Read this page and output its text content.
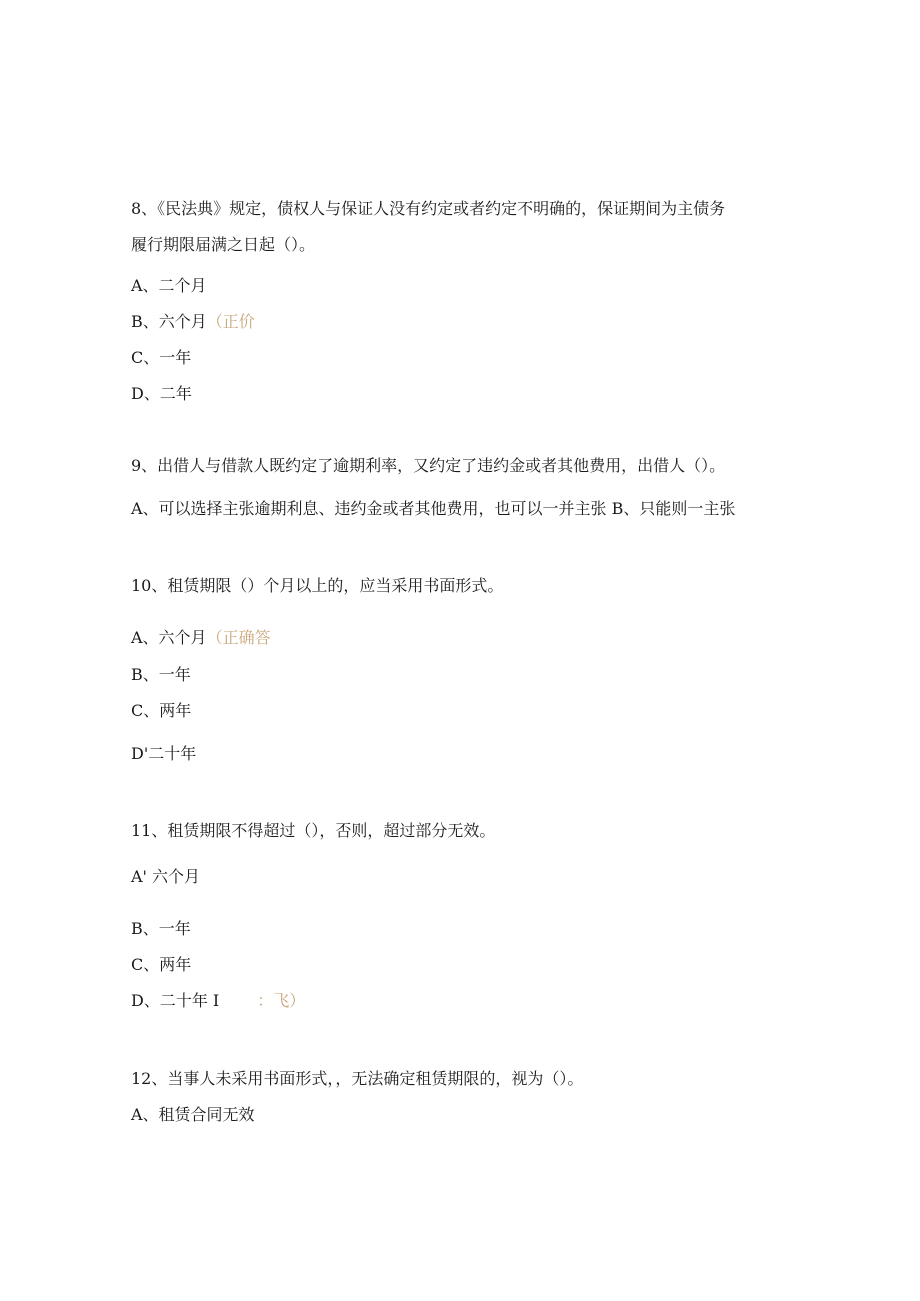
8、《民法典》规定，债权人与保证人没有约定或者约定不明确的，保证期间为主债务
履行期限届满之日起（）。
A、二个月
B、六个月（正价
C、一年
D、二年
9、出借人与借款人既约定了逾期利率，又约定了违约金或者其他费用，出借人（）。
A、可以选择主张逾期利息、违约金或者其他费用，也可以一并主张 B、只能则一主张
10、租赁期限（）个月以上的，应当采用书面形式。
A、六个月（正确答
B、一年
C、两年
D'二十年
11、租赁期限不得超过（），否则，超过部分无效。
A' 六个月
B、一年
C、两年
D、二十年 I ：飞）
12、当事人未采用书面形式，，无法确定租赁期限的，视为（）。
A、租赁合同无效
